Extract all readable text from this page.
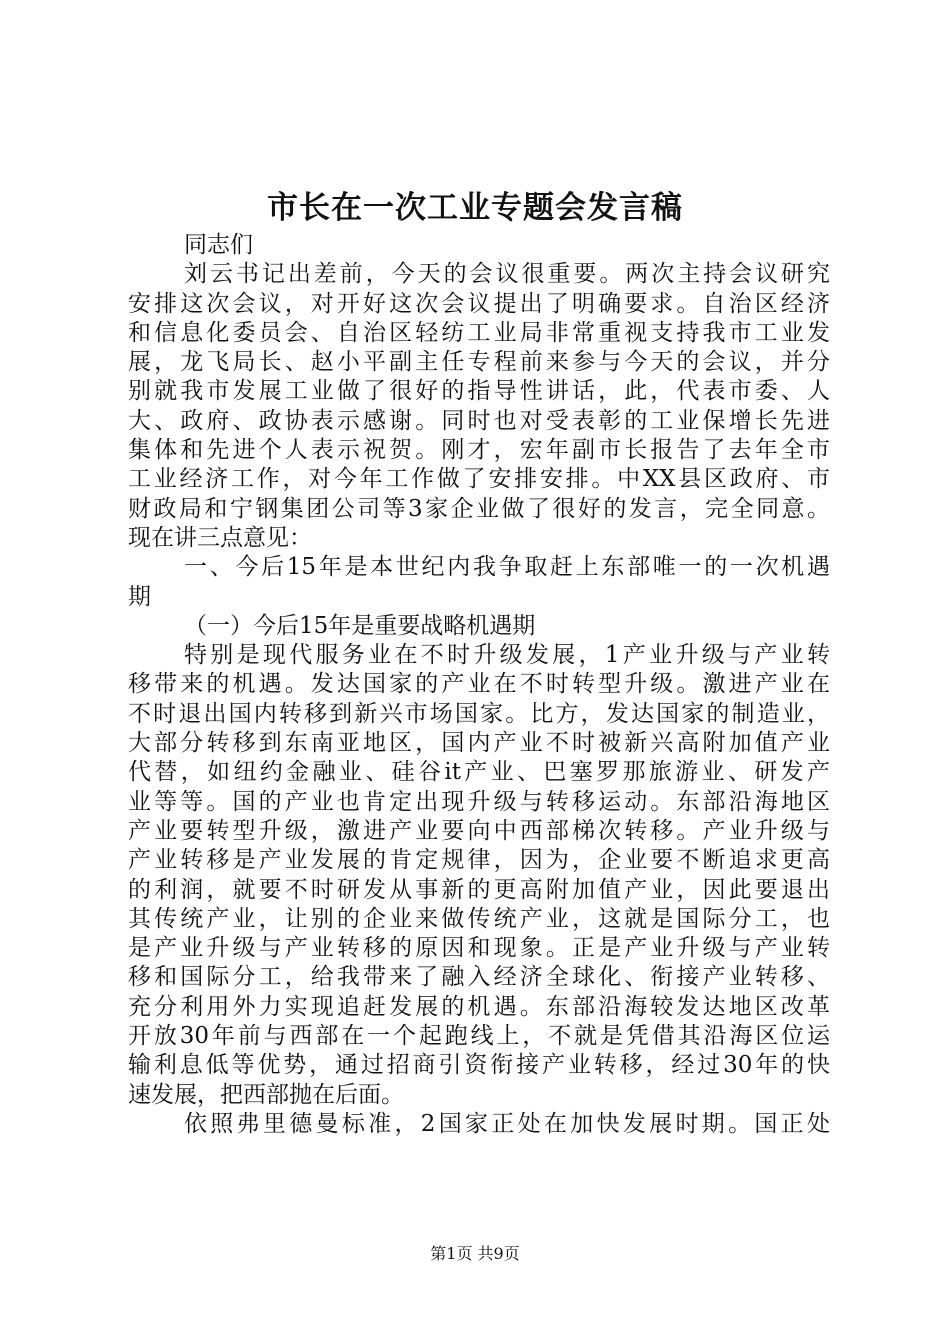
市长在一次工业专题会发言稿
同志们
刘云书记出差前，今天的会议很重要。两次主持会议研究
安排这次会议，对开好这次会议提出了明确要求。自治区经济
和信息化委员会、自治区轻纺工业局非常重视支持我市工业发
展，龙飞局长、赵小平副主任专程前来参与今天的会议，并分
别就我市发展工业做了很好的指导性讲话，此，代表市委、人
大、政府、政协表示感谢。同时也对受表彰的工业保增长先进
集体和先进个人表示祝贺。刚才，宏年副市长报告了去年全市
工业经济工作，对今年工作做了安排安排。中XX县区政府、市
财政局和宁钢集团公司等3家企业做了很好的发言，完全同意。
现在讲三点意见：
一、今后15年是本世纪内我争取赶上东部唯一的一次机遇
期
（一）今后15年是重要战略机遇期
特别是现代服务业在不时升级发展，1产业升级与产业转
移带来的机遇。发达国家的产业在不时转型升级。激进产业在
不时退出国内转移到新兴市场国家。比方，发达国家的制造业，
大部分转移到东南亚地区，国内产业不时被新兴高附加值产业
代替，如纽约金融业、硅谷it产业、巴塞罗那旅游业、研发产
业等等。国的产业也肯定出现升级与转移运动。东部沿海地区
产业要转型升级，激进产业要向中西部梯次转移。产业升级与
产业转移是产业发展的肯定规律，因为，企业要不断追求更高
的利润，就要不时研发从事新的更高附加值产业，因此要退出
其传统产业，让别的企业来做传统产业，这就是国际分工，也
是产业升级与产业转移的原因和现象。正是产业升级与产业转
移和国际分工，给我带来了融入经济全球化、衔接产业转移、
充分利用外力实现追赶发展的机遇。东部沿海较发达地区改革
开放30年前与西部在一个起跑线上，不就是凭借其沿海区位运
输利息低等优势，通过招商引资衔接产业转移，经过30年的快
速发展，把西部抛在后面。
依照弗里德曼标准，2国家正处在加快发展时期。国正处
第1页 共9页
